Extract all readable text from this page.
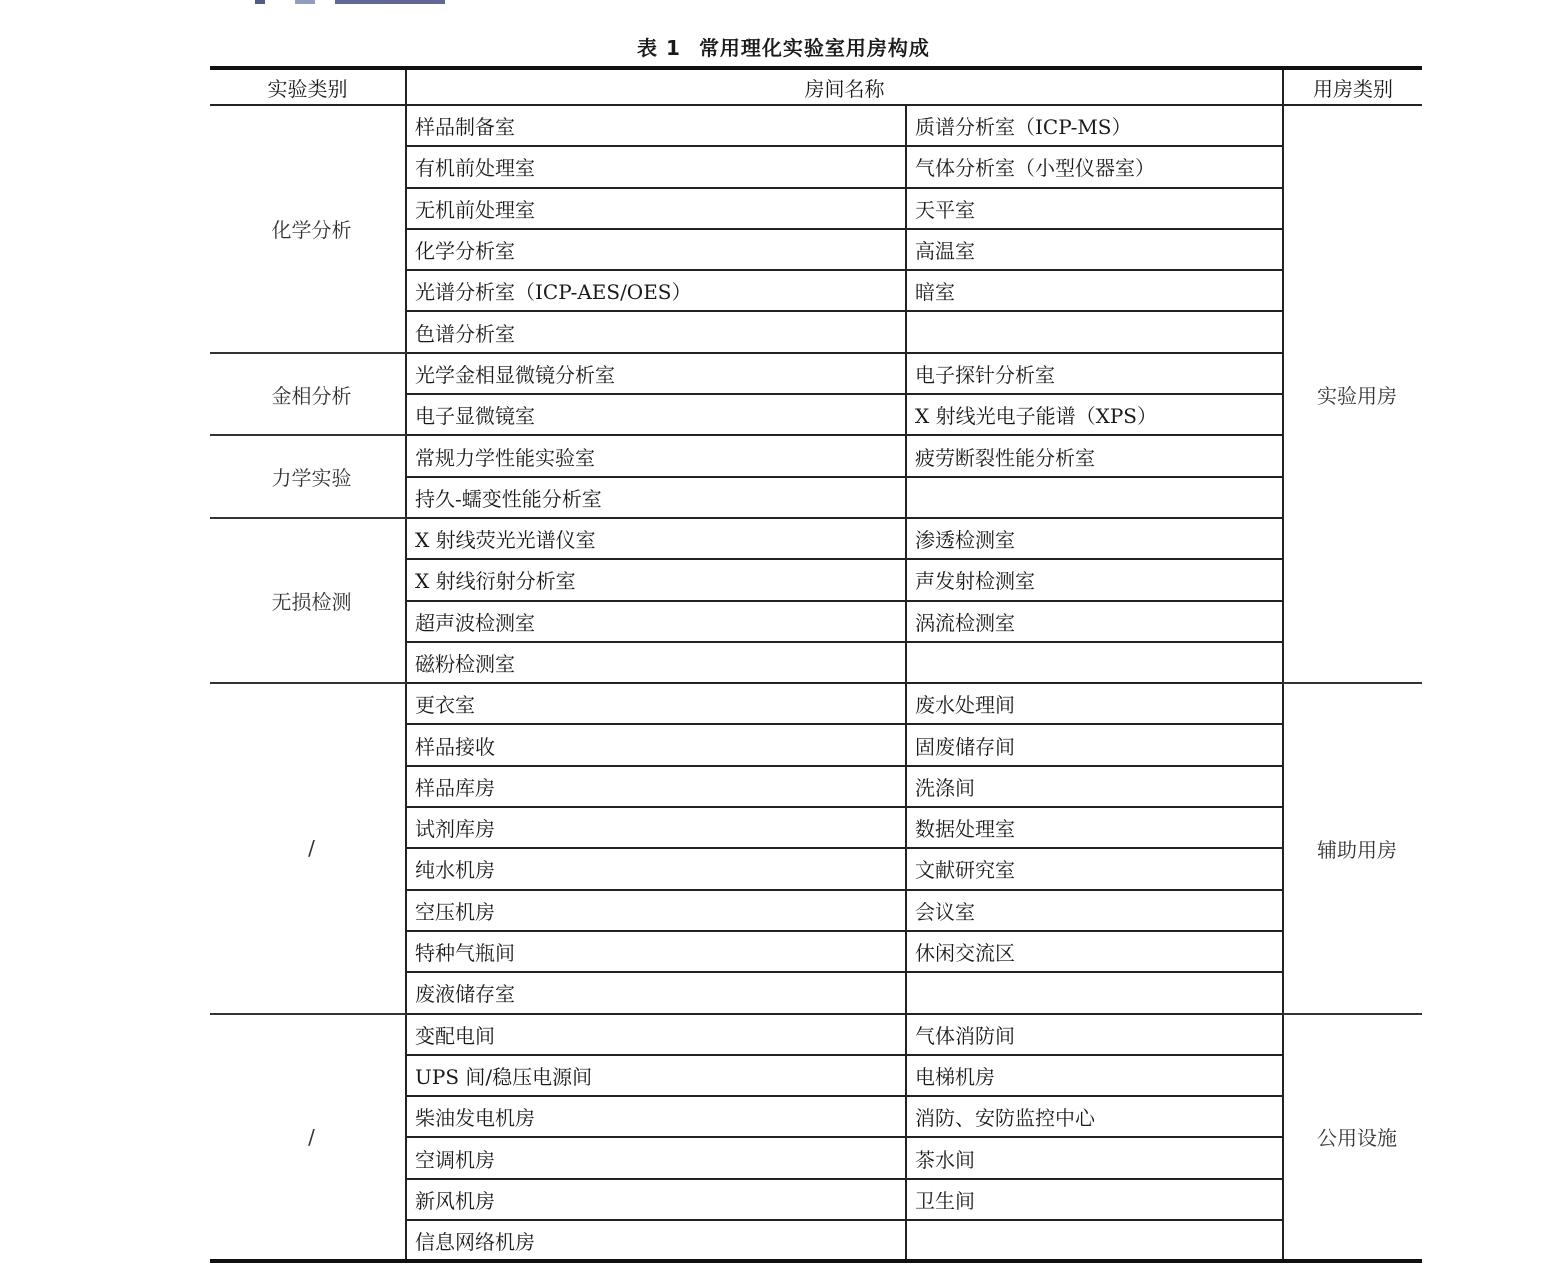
表 1 常用理化实验室用房构成
实验类别	房间名称		用房类别
化学分析	样品制备室	质谱分析室（ICP-MS）	实验用房
	有机前处理室	气体分析室（小型仪器室）	
	无机前处理室	天平室	
	化学分析室	高温室	
	光谱分析室（ICP-AES/OES）	暗室	
	色谱分析室		
金相分析	光学金相显微镜分析室	电子探针分析室	
	电子显微镜室	X 射线光电子能谱（XPS）	
力学实验	常规力学性能实验室	疲劳断裂性能分析室	
	持久-蠕变性能分析室		
无损检测	X 射线荧光光谱仪室	渗透检测室	
	X 射线衍射分析室	声发射检测室	
	超声波检测室	涡流检测室	
	磁粉检测室		
/	更衣室	废水处理间	辅助用房
	样品接收	固废储存间	
	样品库房	洗涤间	
	试剂库房	数据处理室	
	纯水机房	文献研究室	
	空压机房	会议室	
	特种气瓶间	休闲交流区	
	废液储存室		
/	变配电间	气体消防间	公用设施
	UPS 间/稳压电源间	电梯机房	
	柴油发电机房	消防、安防监控中心	
	空调机房	茶水间	
	新风机房	卫生间	
	信息网络机房		
